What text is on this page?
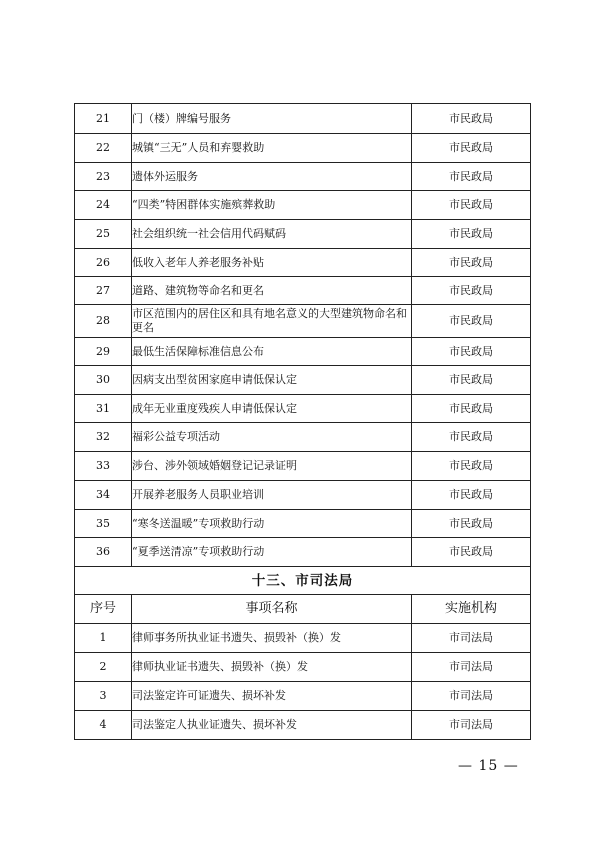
21	门（楼）牌编号服务	市民政局
22	城镇“三无”人员和弃婴救助	市民政局
23	遗体外运服务	市民政局
24	“四类”特困群体实施殡葬救助	市民政局
25	社会组织统一社会信用代码赋码	市民政局
26	低收入老年人养老服务补贴	市民政局
27	道路、建筑物等命名和更名	市民政局
28	市区范围内的居住区和具有地名意义的大型建筑物命名和更名	市民政局
29	最低生活保障标准信息公布	市民政局
30	因病支出型贫困家庭申请低保认定	市民政局
31	成年无业重度残疾人申请低保认定	市民政局
32	福彩公益专项活动	市民政局
33	涉台、涉外领域婚姻登记记录证明	市民政局
34	开展养老服务人员职业培训	市民政局
35	“寒冬送温暖”专项救助行动	市民政局
36	“夏季送清凉”专项救助行动	市民政局
十三、市司法局		
序号	事项名称	实施机构
1	律师事务所执业证书遗失、损毁补（换）发	市司法局
2	律师执业证书遗失、损毁补（换）发	市司法局
3	司法鉴定许可证遗失、损坏补发	市司法局
4	司法鉴定人执业证遗失、损坏补发	市司法局
— 15 —
